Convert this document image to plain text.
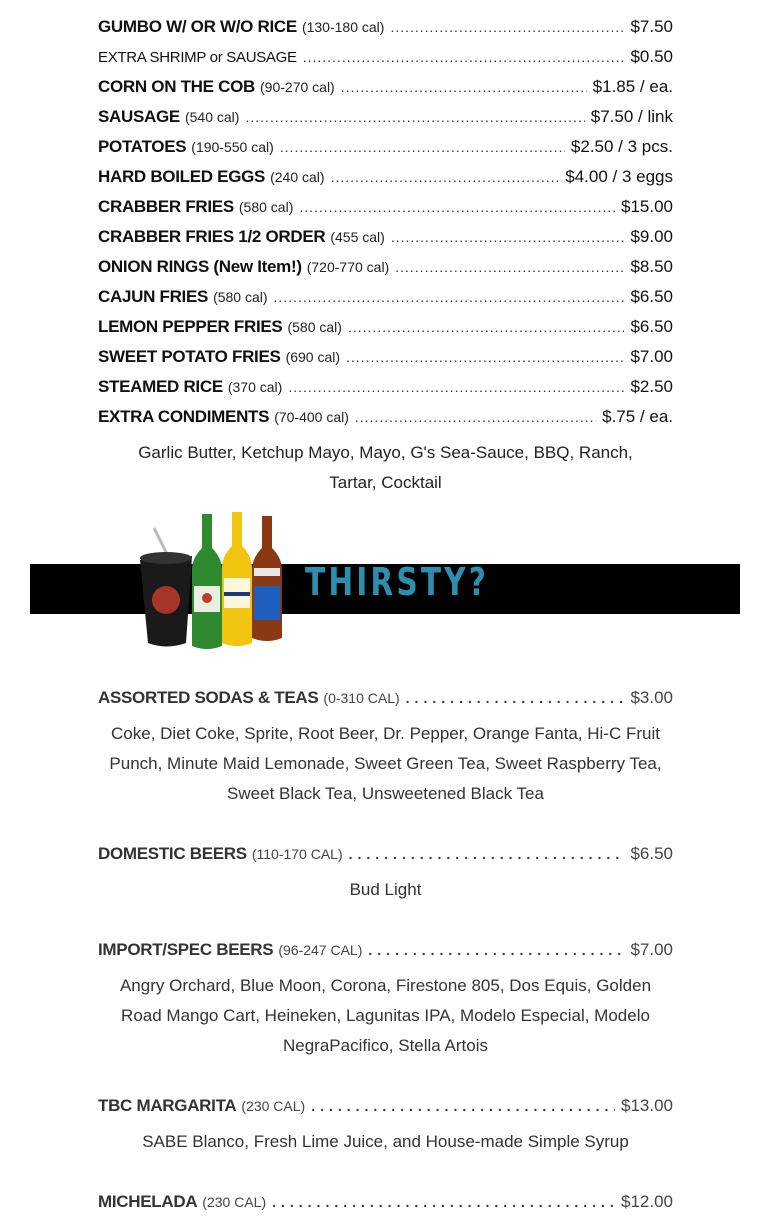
GUMBO W/ OR W/O RICE (130-180 cal) .....	$7.50
EXTRA SHRIMP or SAUSAGE .....	$0.50
CORN ON THE COB (90-270 cal) .....	$1.85 / ea.
SAUSAGE (540 cal) .....	$7.50 / link
POTATOES (190-550 cal) .....	$2.50 / 3 pcs.
HARD BOILED EGGS (240 cal) .....	$4.00 / 3 eggs
CRABBER FRIES (580 cal) .....	$15.00
CRABBER FRIES 1/2 ORDER (455 cal) .....	$9.00
ONION RINGS (New Item!) (720-770 cal) .....	$8.50
CAJUN FRIES (580 cal) .....	$6.50
LEMON PEPPER FRIES (580 cal) .....	$6.50
SWEET POTATO FRIES (690 cal) .....	$7.00
STEAMED RICE (370 cal) .....	$2.50
EXTRA CONDIMENTS (70-400 cal) .....	$.75 / ea.
Garlic Butter, Ketchup Mayo, Mayo, G's Sea-Sauce, BBQ, Ranch, Tartar, Cocktail
THIRSTY?
ASSORTED SODAS & TEAS (0-310 CAL) .....	$3.00
Coke, Diet Coke, Sprite, Root Beer, Dr. Pepper, Orange Fanta, Hi-C Fruit Punch, Minute Maid Lemonade, Sweet Green Tea, Sweet Raspberry Tea, Sweet Black Tea, Unsweetened Black Tea
DOMESTIC BEERS (110-170 CAL) .....	$6.50
Bud Light
IMPORT/SPEC BEERS (96-247 CAL) .....	$7.00
Angry Orchard, Blue Moon, Corona, Firestone 805, Dos Equis, Golden Road Mango Cart, Heineken, Lagunitas IPA, Modelo Especial, Modelo NegraPacifico, Stella Artois
TBC MARGARITA (230 CAL) .....	$13.00
SABE Blanco, Fresh Lime Juice, and House-made Simple Syrup
MICHELADA (230 CAL) .....	$12.00
